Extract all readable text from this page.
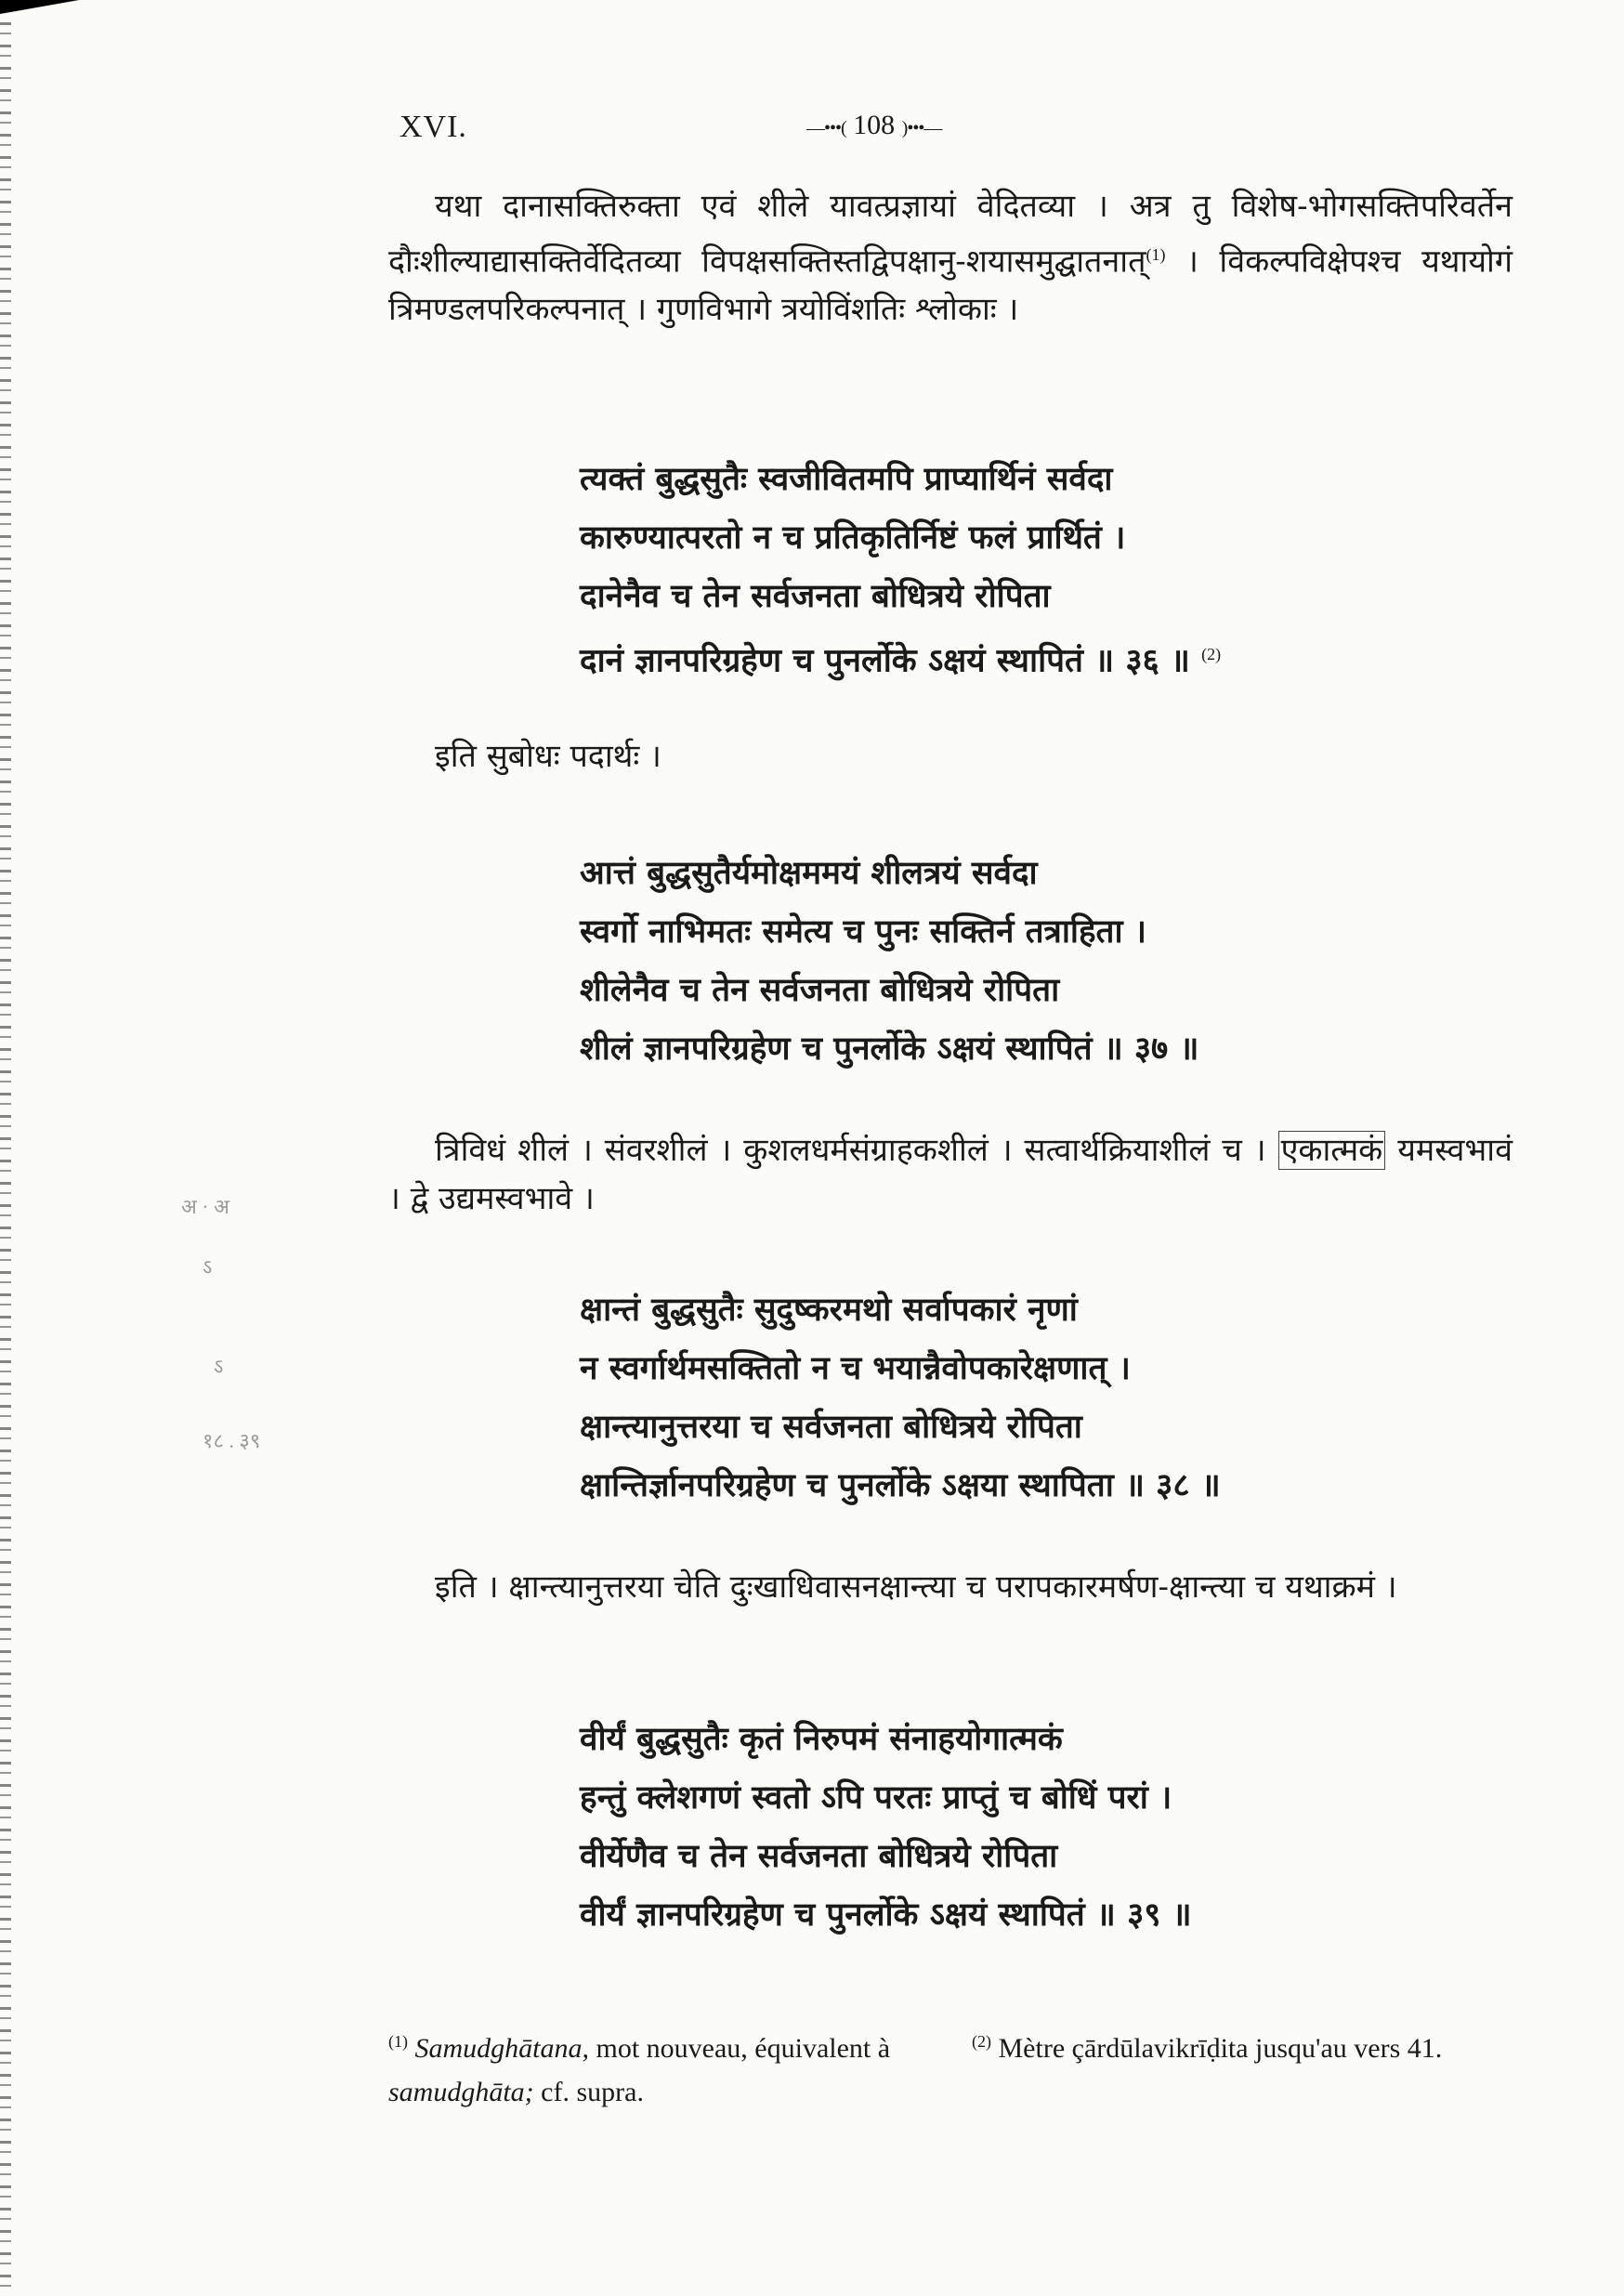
XVI.	—•••( 108 )•••—

यथा दानासक्तिरुक्ता एवं शीले यावत्प्रज्ञायां वेदितव्या । अत्र तु विशेष-भोगसक्तिपरिवर्तेन दौःशील्याद्यासक्तिर्वेदितव्या विपक्षसक्तिस्तद्विपक्षानु-शयासमुद्घातनात्$^{(1)}$ । विकल्पविक्षेपश्च यथायोगं त्रिमण्डलपरिकल्पनात् । गुणविभागे त्रयोविंशतिः श्लोकाः ।

त्यक्तं बुद्धसुतैः स्वजीवितमपि प्राप्यार्थिनं सर्वदा
कारुण्यात्परतो न च प्रतिकृतिर्निष्टं फलं प्रार्थितं ।
दानेनैव च तेन सर्वजनता बोधित्रये रोपिता
दानं ज्ञानपरिग्रहेण च पुनर्लोके ऽक्षयं स्थापितं ॥ ३६ ॥ $^{(2)}$

इति सुबोधः पदार्थः ।

आत्तं बुद्धसुतैर्यमोक्षममयं शीलत्रयं सर्वदा
स्वर्गो नाभिमतः समेत्य च पुनः सक्तिर्न तत्राहिता ।
शीलेनैव च तेन सर्वजनता बोधित्रये रोपिता
शीलं ज्ञानपरिग्रहेण च पुनर्लोके ऽक्षयं स्थापितं ॥ ३७ ॥

त्रिविधं शीलं । संवरशीलं । कुशलधर्मसंग्राहकशीलं । सत्वार्थक्रियाशीलं च । एकात्मकं यमस्वभावं । द्वे उद्यमस्वभावे ।

अ · अ
ऽ
ऽ
१८ . ३९
क्षान्तं बुद्धसुतैः सुदुष्करमथो सर्वापकारं नृणां
न स्वर्गार्थमसक्तितो न च भयान्नैवोपकारेक्षणात् ।
क्षान्त्यानुत्तरया च सर्वजनता बोधित्रये रोपिता
क्षान्तिर्ज्ञानपरिग्रहेण च पुनर्लोके ऽक्षया स्थापिता ॥ ३८ ॥

इति । क्षान्त्यानुत्तरया चेति दुःखाधिवासनक्षान्त्या च परापकारमर्षण-क्षान्त्या च यथाक्रमं ।

वीर्यं बुद्धसुतैः कृतं निरुपमं संनाहयोगात्मकं
हन्तुं क्लेशगणं स्वतो ऽपि परतः प्राप्तुं च बोधिं परां ।
वीर्येणैव च तेन सर्वजनता बोधित्रये रोपिता
वीर्यं ज्ञानपरिग्रहेण च पुनर्लोके ऽक्षयं स्थापितं ॥ ३९ ॥
$^{(1)}$ Samudghātana, mot nouveau, équivalent à samudghāta; cf. supra.
$^{(2)}$ Mètre çārdūlavikrīḍita jusqu'au vers 41.
